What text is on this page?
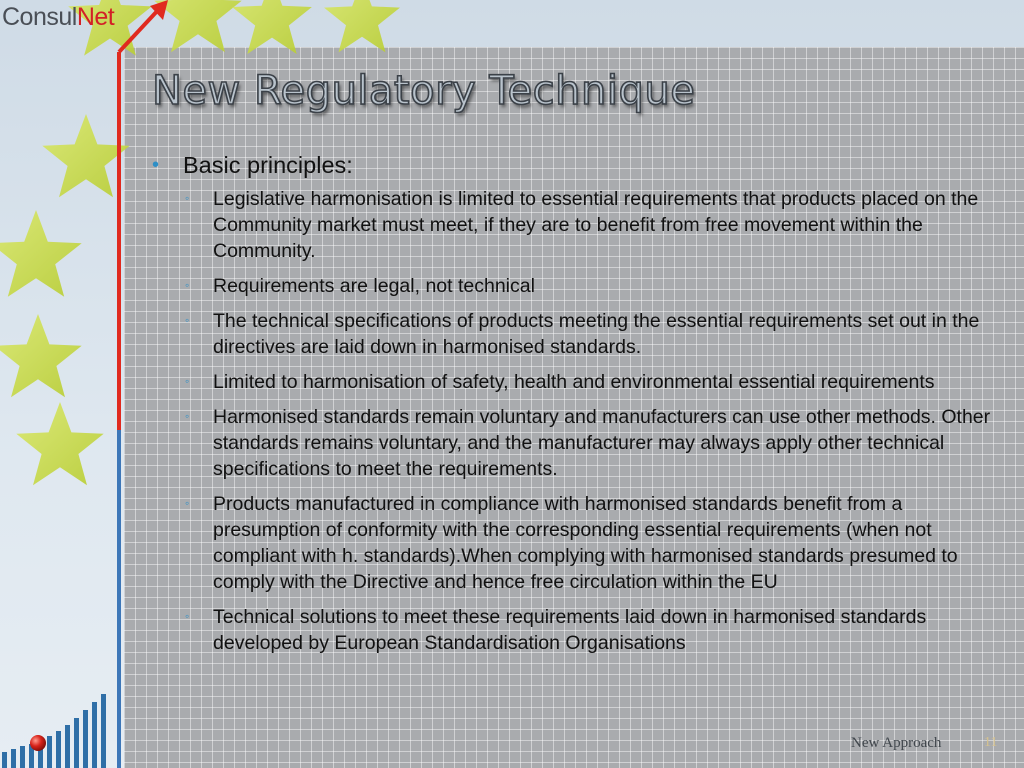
ConsulNet
New Regulatory Technique
• Basic principles:
◦ Legislative harmonisation is limited to essential requirements that products placed on the Community market must meet, if they are to benefit from free movement within the Community.
◦ Requirements are legal, not technical
◦ The technical specifications of products meeting the essential requirements set out in the directives are laid down in harmonised standards.
◦ Limited to harmonisation of safety, health and environmental essential requirements
◦ Harmonised standards remain voluntary and manufacturers can use other methods. Other standards remains voluntary, and the manufacturer may always apply other technical specifications to meet the requirements.
◦ Products manufactured in compliance with harmonised standards benefit from a presumption of conformity with the corresponding essential requirements (when not compliant with h. standards).When complying with harmonised standards presumed to comply with the Directive and hence free circulation within the EU
◦ Technical solutions to meet these requirements laid down in harmonised standards developed by European Standardisation Organisations
New Approach	11
